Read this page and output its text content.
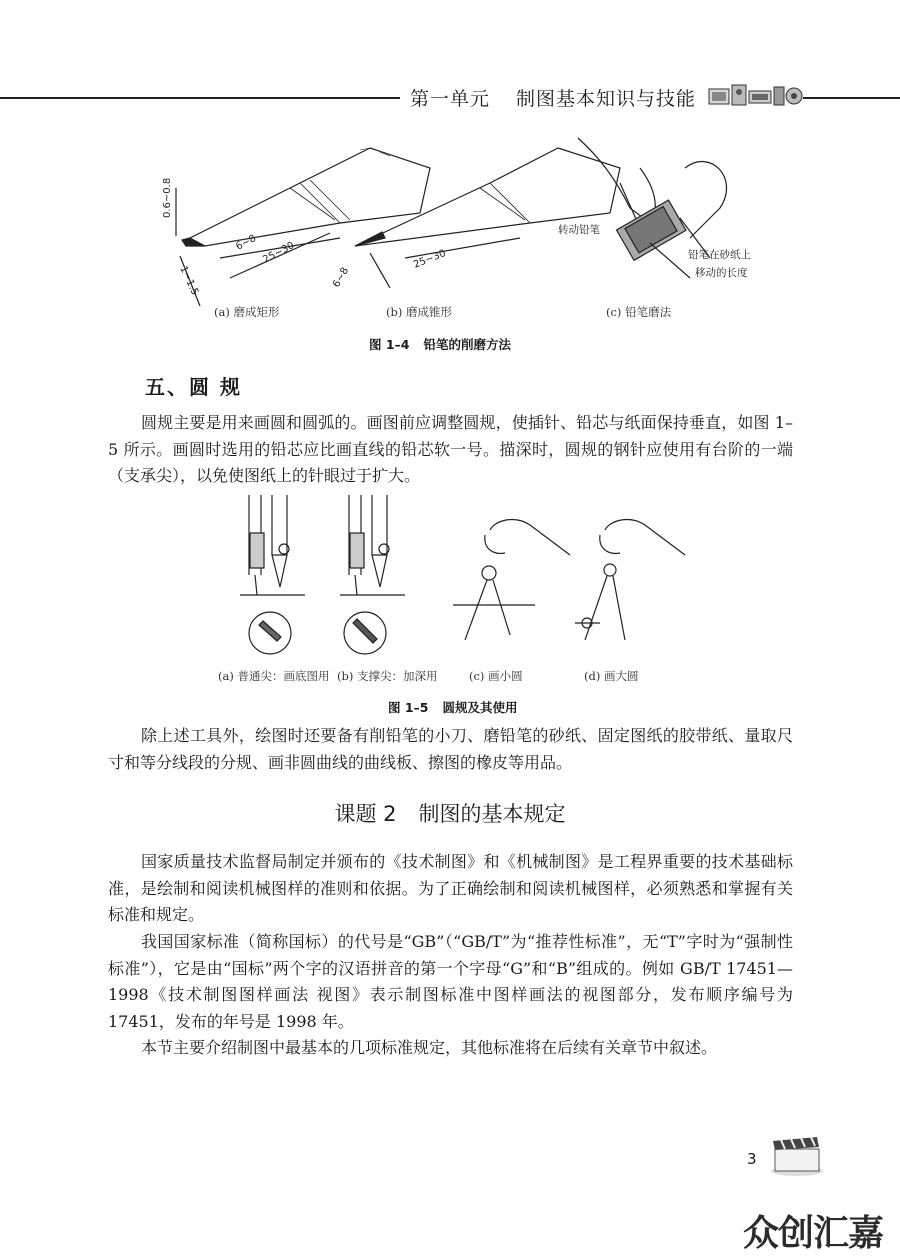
第一单元 制图基本知识与技能
0.6~0.8
1~1.5
6~8 25~30
6~8
25~30
转动铅笔
铅笔在砂纸上
移动的长度
(a) 磨成矩形	(b) 磨成锥形	(c) 铅笔磨法
图 1–4 铅笔的削磨方法
五、圆 规
圆规主要是用来画圆和圆弧的。画图前应调整圆规，使插针、铅芯与纸面保持垂直，如图 1–5 所示。画圆时选用的铅芯应比画直线的铅芯软一号。描深时，圆规的钢针应使用有台阶的一端（支承尖），以免使图纸上的针眼过于扩大。
(a) 普通尖：画底图用 (b) 支撑尖：加深用	(c) 画小圆	(d) 画大圆
图 1–5 圆规及其使用
除上述工具外，绘图时还要备有削铅笔的小刀、磨铅笔的砂纸、固定图纸的胶带纸、量取尺寸和等分线段的分规、画非圆曲线的曲线板、擦图的橡皮等用品。
课题 2 制图的基本规定
国家质量技术监督局制定并颁布的《技术制图》和《机械制图》是工程界重要的技术基础标准，是绘制和阅读机械图样的准则和依据。为了正确绘制和阅读机械图样，必须熟悉和掌握有关标准和规定。
我国国家标准（简称国标）的代号是“GB”（“GB/T”为“推荐性标准”，无“T”字时为“强制性标准”），它是由“国标”两个字的汉语拼音的第一个字母“G”和“B”组成的。例如 GB/T 17451—1998《技术制图图样画法 视图》表示制图标准中图样画法的视图部分，发布顺序编号为 17451，发布的年号是 1998 年。
本节主要介绍制图中最基本的几项标准规定，其他标准将在后续有关章节中叙述。
3
众创汇嘉
